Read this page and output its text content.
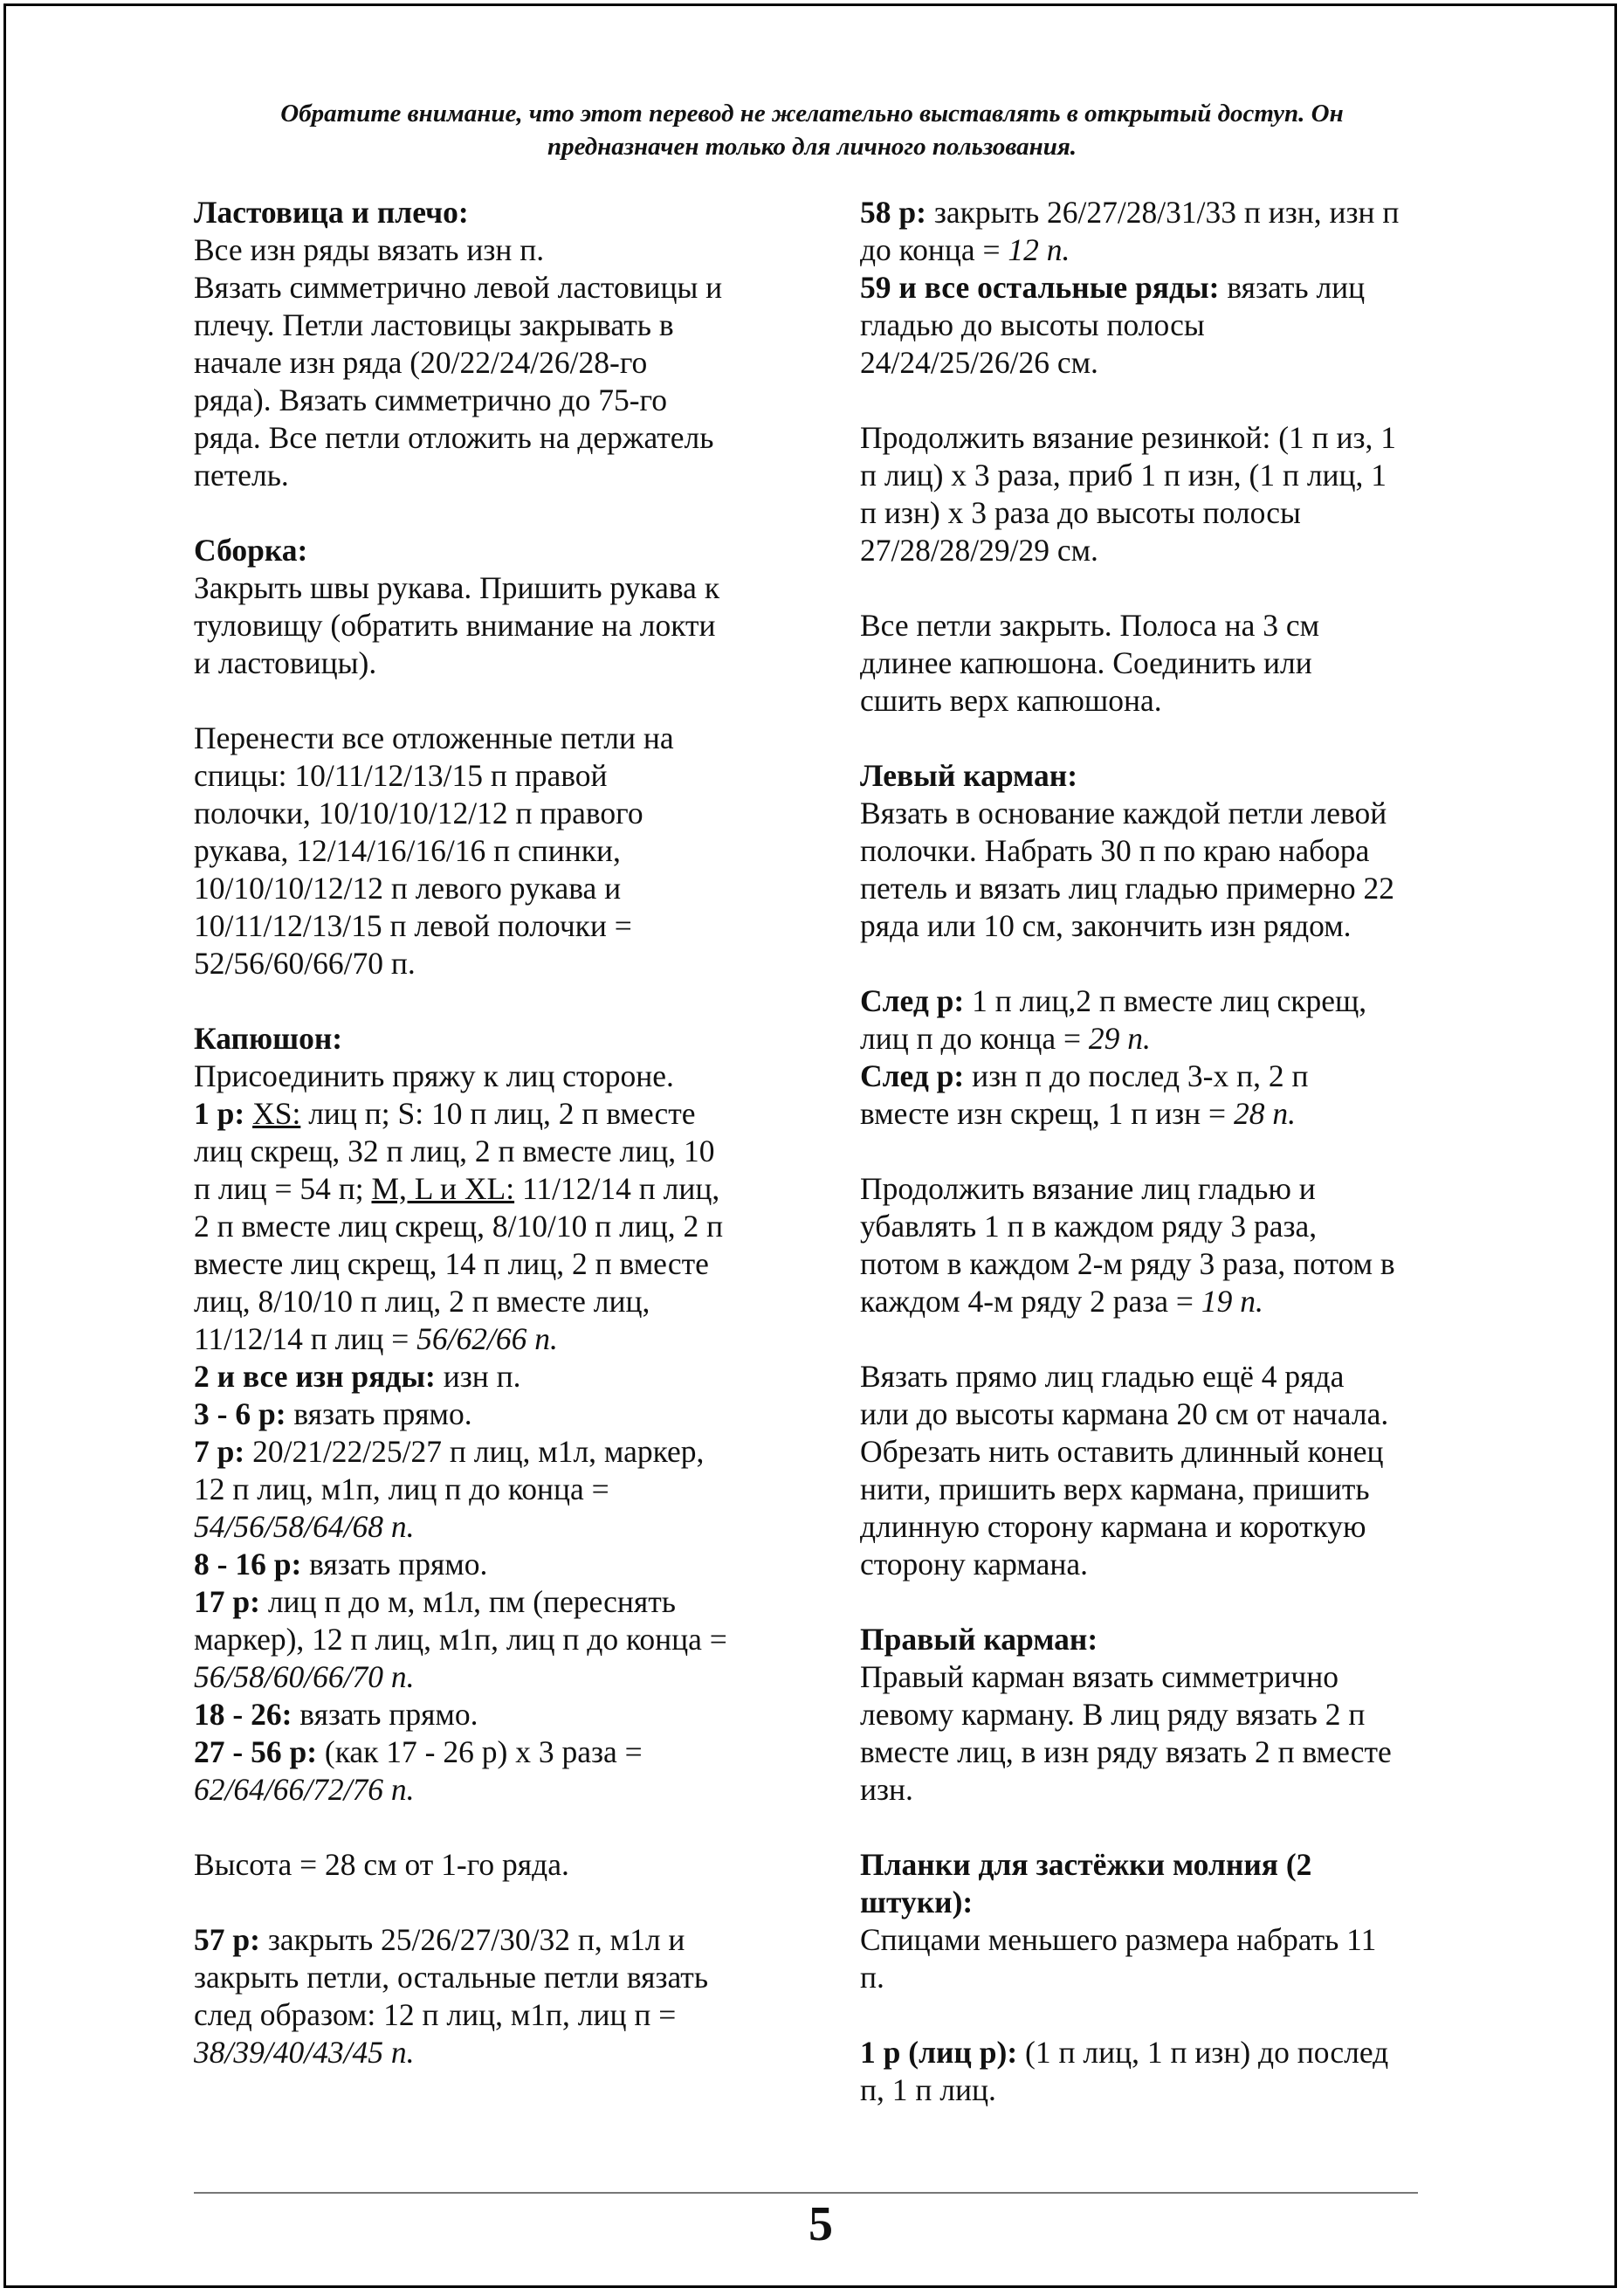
Обратите внимание, что этот перевод не желательно выставлять в открытый доступ. Он
предназначен только для личного пользования.
Ластовица и плечо:
Все изн ряды вязать изн п.
Вязать симметрично левой ластовицы и
плечу. Петли ластовицы закрывать в
начале изн ряда (20/22/24/26/28-го
ряда). Вязать симметрично до 75-го
ряда. Все петли отложить на держатель
петель.
Сборка:
Закрыть швы рукава. Пришить рукава к
туловищу (обратить внимание на локти
и ластовицы).
Перенести все отложенные петли на
спицы: 10/11/12/13/15 п правой
полочки, 10/10/10/12/12 п правого
рукава, 12/14/16/16/16 п спинки,
10/10/10/12/12 п левого рукава и
10/11/12/13/15 п левой полочки =
52/56/60/66/70 п.
Капюшон:
Присоединить пряжу к лиц стороне.
1 р: XS: лиц п; S: 10 п лиц, 2 п вместе
лиц скрещ, 32 п лиц, 2 п вместе лиц, 10
п лиц = 54 п; M, L и XL: 11/12/14 п лиц,
2 п вместе лиц скрещ, 8/10/10 п лиц, 2 п
вместе лиц скрещ, 14 п лиц, 2 п вместе
лиц, 8/10/10 п лиц, 2 п вместе лиц,
11/12/14 п лиц = 56/62/66 п.
2 и все изн ряды: изн п.
3 - 6 р: вязать прямо.
7 р: 20/21/22/25/27 п лиц, м1л, маркер,
12 п лиц, м1п, лиц п до конца =
54/56/58/64/68 п.
8 - 16 р: вязать прямо.
17 р: лиц п до м, м1л, пм (переснять
маркер), 12 п лиц, м1п, лиц п до конца =
56/58/60/66/70 п.
18 - 26: вязать прямо.
27 - 56 р: (как 17 - 26 р) х 3 раза =
62/64/66/72/76 п.
Высота = 28 см от 1-го ряда.
57 р: закрыть 25/26/27/30/32 п, м1л и
закрыть петли, остальные петли вязать
след образом: 12 п лиц, м1п, лиц п =
38/39/40/43/45 п.
58 р: закрыть 26/27/28/31/33 п изн, изн п
до конца = 12 п.
59 и все остальные ряды: вязать лиц
гладью до высоты полосы
24/24/25/26/26 см.
Продолжить вязание резинкой: (1 п из, 1
п лиц) х 3 раза, приб 1 п изн, (1 п лиц, 1
п изн) х 3 раза до высоты полосы
27/28/28/29/29 см.
Все петли закрыть. Полоса на 3 см
длинее капюшона. Соединить или
сшить верх капюшона.
Левый карман:
Вязать в основание каждой петли левой
полочки. Набрать 30 п по краю набора
петель и вязать лиц гладью примерно 22
ряда или 10 см, закончить изн рядом.
След р: 1 п лиц,2 п вместе лиц скрещ,
лиц п до конца = 29 п.
След р: изн п до послед 3-х п, 2 п
вместе изн скрещ, 1 п изн = 28 п.
Продолжить вязание лиц гладью и
убавлять 1 п в каждом ряду 3 раза,
потом в каждом 2-м ряду 3 раза, потом в
каждом 4-м ряду 2 раза = 19 п.
Вязать прямо лиц гладью ещё 4 ряда
или до высоты кармана 20 см от начала.
Обрезать нить оставить длинный конец
нити, пришить верх кармана, пришить
длинную сторону кармана и короткую
сторону кармана.
Правый карман:
Правый карман вязать симметрично
левому карману. В лиц ряду вязать 2 п
вместе лиц, в изн ряду вязать 2 п вместе
изн.
Планки для застёжки молния (2
штуки):
Спицами меньшего размера набрать 11
п.
1 р (лиц р): (1 п лиц, 1 п изн) до послед
п, 1 п лиц.
5
